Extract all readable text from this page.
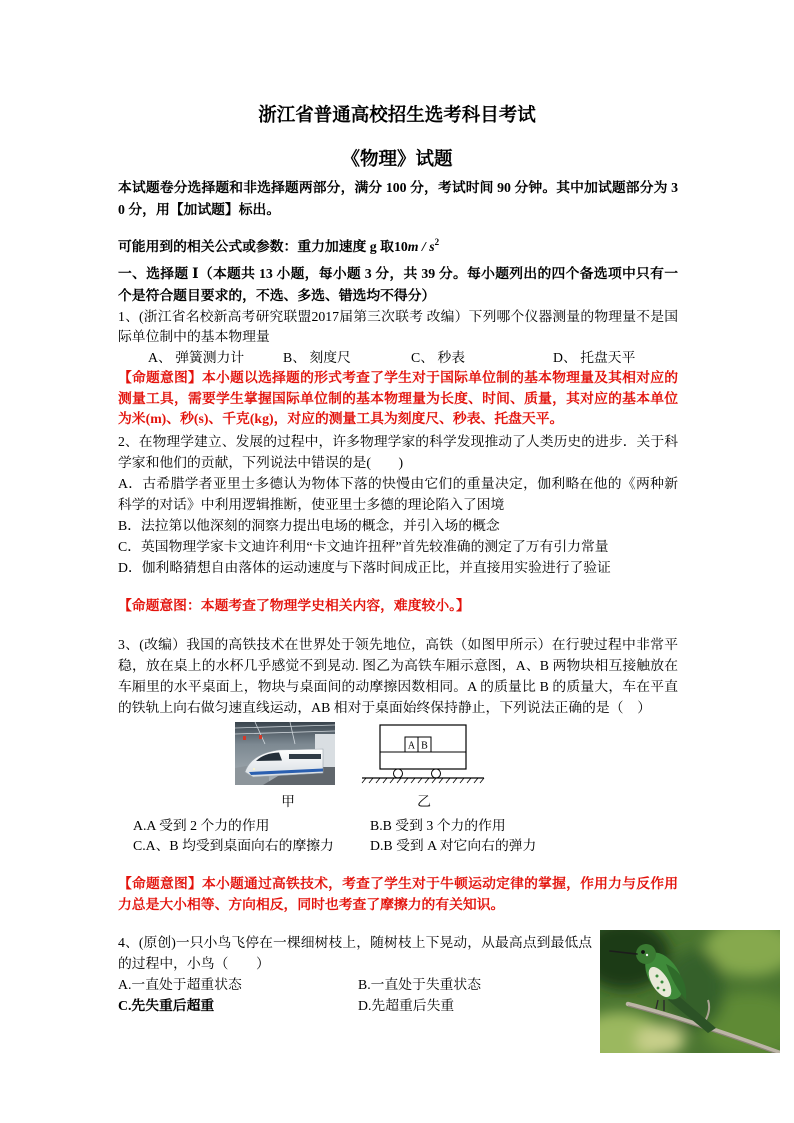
浙江省普通高校招生选考科目考试
《物理》试题
本试题卷分选择题和非选择题两部分，满分 100 分，考试时间 90 分钟。其中加试题部分为 30 分，用【加试题】标出。
可能用到的相关公式或参数：重力加速度 g 取$10m / s^2$
一、选择题 Ⅰ（本题共 13 小题，每小题 3 分，共 39 分。每小题列出的四个备选项中只有一个是符合题目要求的，不选、多选、错选均不得分）
1、(浙江省名校新高考研究联盟2017届第三次联考 改编）下列哪个仪器测量的物理量不是国际单位制中的基本物理量
A、 弹簧测力计	B、 刻度尺	C、 秒表	D、 托盘天平
【命题意图】本小题以选择题的形式考查了学生对于国际单位制的基本物理量及其相对应的测量工具，需要学生掌握国际单位制的基本物理量为长度、时间、质量，其对应的基本单位为米(m)、秒(s)、千克(kg)，对应的测量工具为刻度尺、秒表、托盘天平。
2、在物理学建立、发展的过程中，许多物理学家的科学发现推动了人类历史的进步．关于科学家和他们的贡献，下列说法中错误的是(　　)
A．古希腊学者亚里士多德认为物体下落的快慢由它们的重量决定，伽利略在他的《两种新科学的对话》中利用逻辑推断，使亚里士多德的理论陷入了困境
B．法拉第以他深刻的洞察力提出电场的概念，并引入场的概念
C．英国物理学家卡文迪许利用“卡文迪许扭秤”首先较准确的测定了万有引力常量
D．伽利略猜想自由落体的运动速度与下落时间成正比，并直接用实验进行了验证
【命题意图：本题考查了物理学史相关内容，难度较小。】
3、(改编）我国的高铁技术在世界处于领先地位，高铁（如图甲所示）在行驶过程中非常平稳，放在桌上的水杯几乎感觉不到晃动. 图乙为高铁车厢示意图，A、B 两物块相互接触放在车厢里的水平桌面上，物块与桌面间的动摩擦因数相同。A 的质量比 B 的质量大，车在平直的铁轨上向右做匀速直线运动，AB 相对于桌面始终保持静止，下列说法正确的是（　）
A B
甲	乙
A.A 受到 2 个力的作用	B.B 受到 3 个力的作用
C.A、B 均受到桌面向右的摩擦力	D.B 受到 A 对它向右的弹力
【命题意图】本小题通过高铁技术，考查了学生对于牛顿运动定律的掌握，作用力与反作用力总是大小相等、方向相反，同时也考查了摩擦力的有关知识。
4、(原创)一只小鸟飞停在一棵细树枝上，随树枝上下晃动，从最高点到最低点的过程中，小鸟（　　）
A.一直处于超重状态	B.一直处于失重状态
C.先失重后超重	D.先超重后失重
